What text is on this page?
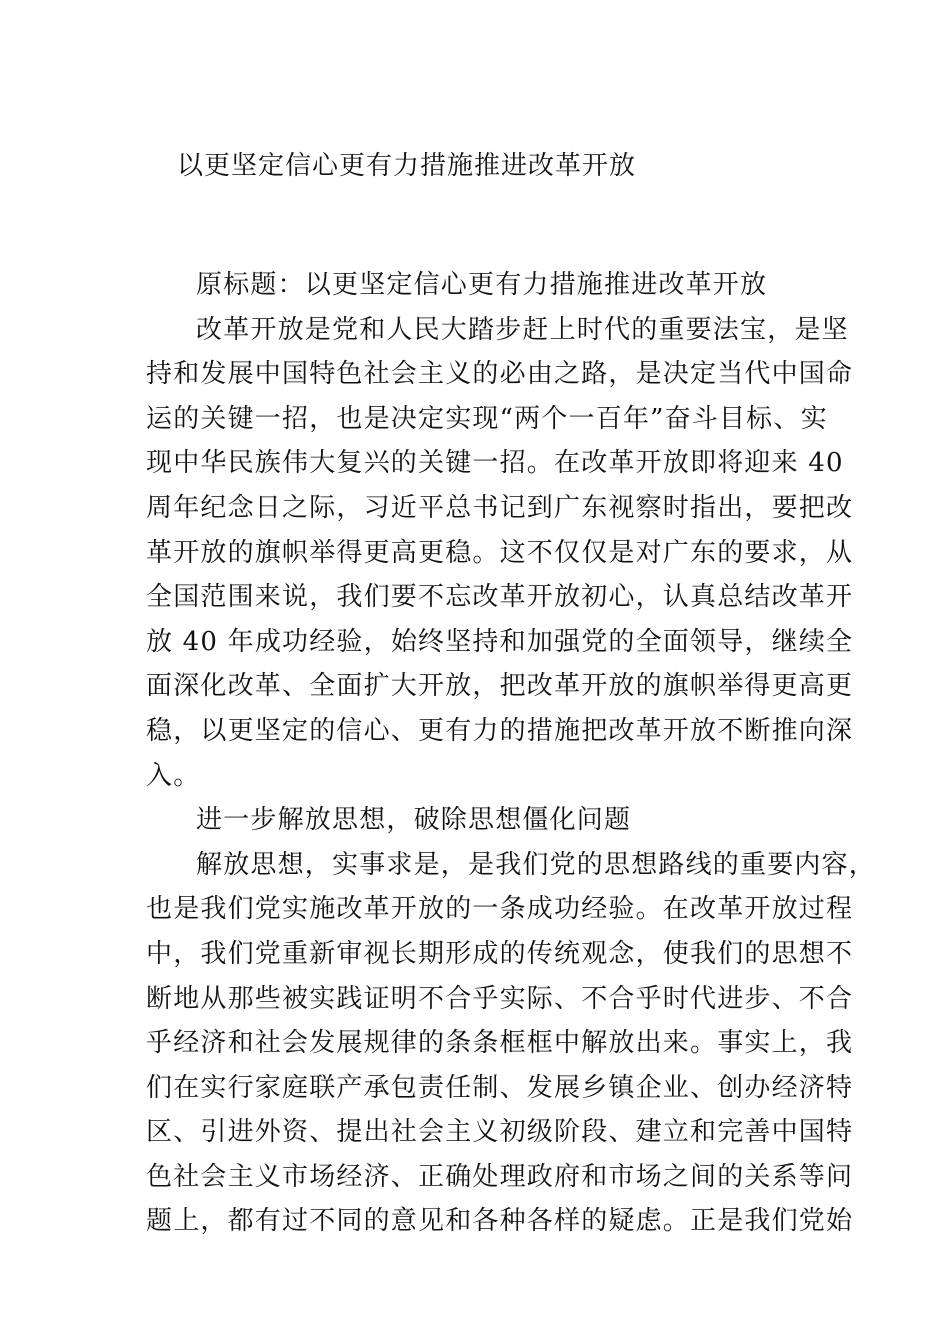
以更坚定信心更有力措施推进改革开放

原标题：以更坚定信心更有力措施推进改革开放

改革开放是党和人民大踏步赶上时代的重要法宝，是坚
持和发展中国特色社会主义的必由之路，是决定当代中国命
运的关键一招，也是决定实现“两个一百年”奋斗目标、实
现中华民族伟大复兴的关键一招。在改革开放即将迎来 40
周年纪念日之际，习近平总书记到广东视察时指出，要把改
革开放的旗帜举得更高更稳。这不仅仅是对广东的要求，从
全国范围来说，我们要不忘改革开放初心，认真总结改革开
放 40 年成功经验，始终坚持和加强党的全面领导，继续全
面深化改革、全面扩大开放，把改革开放的旗帜举得更高更
稳，以更坚定的信心、更有力的措施把改革开放不断推向深
入。

进一步解放思想，破除思想僵化问题

解放思想，实事求是，是我们党的思想路线的重要内容，
也是我们党实施改革开放的一条成功经验。在改革开放过程
中，我们党重新审视长期形成的传统观念，使我们的思想不
断地从那些被实践证明不合乎实际、不合乎时代进步、不合
乎经济和社会发展规律的条条框框中解放出来。事实上，我
们在实行家庭联产承包责任制、发展乡镇企业、创办经济特
区、引进外资、提出社会主义初级阶段、建立和完善中国特
色社会主义市场经济、正确处理政府和市场之间的关系等问
题上，都有过不同的意见和各种各样的疑虑。正是我们党始
